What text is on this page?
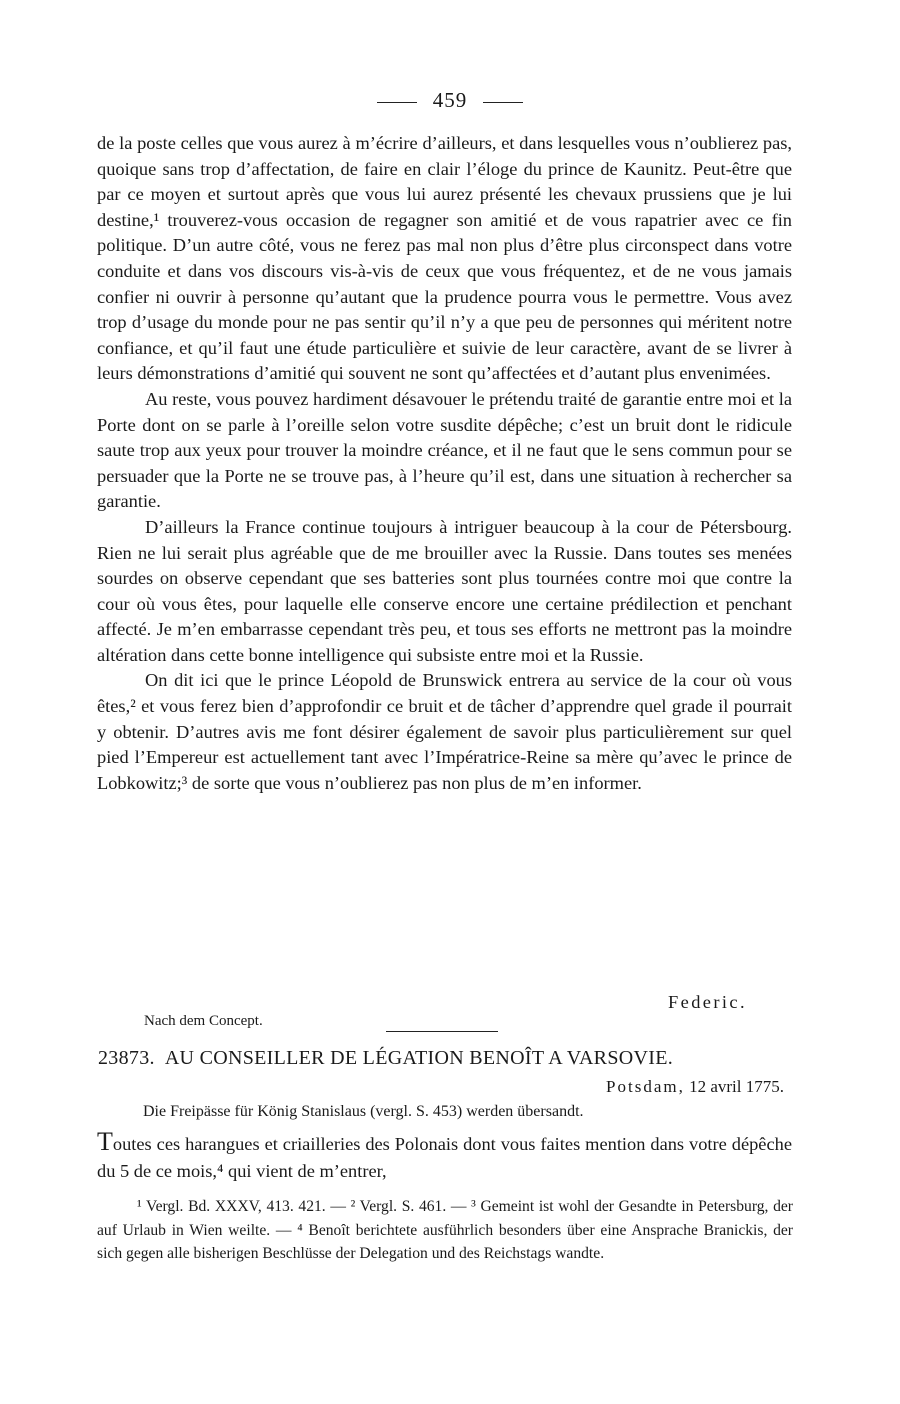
459

de la poste celles que vous aurez à m’écrire d’ailleurs, et dans lesquelles vous n’oublierez pas, quoique sans trop d’affectation, de faire en clair l’éloge du prince de Kaunitz. Peut-être que par ce moyen et surtout après que vous lui aurez présenté les chevaux prussiens que je lui destine,¹ trouverez-vous occasion de regagner son amitié et de vous rapatrier avec ce fin politique. D’un autre côté, vous ne ferez pas mal non plus d’être plus circonspect dans votre conduite et dans vos discours vis-à-vis de ceux que vous fréquentez, et de ne vous jamais confier ni ouvrir à personne qu’autant que la prudence pourra vous le permettre. Vous avez trop d’usage du monde pour ne pas sentir qu’il n’y a que peu de personnes qui méritent notre confiance, et qu’il faut une étude particulière et suivie de leur caractère, avant de se livrer à leurs démonstrations d’amitié qui souvent ne sont qu’affectées et d’autant plus envenimées.

Au reste, vous pouvez hardiment désavouer le prétendu traité de garantie entre moi et la Porte dont on se parle à l’oreille selon votre susdite dépêche; c’est un bruit dont le ridicule saute trop aux yeux pour trouver la moindre créance, et il ne faut que le sens commun pour se persuader que la Porte ne se trouve pas, à l’heure qu’il est, dans une situation à rechercher sa garantie.

D’ailleurs la France continue toujours à intriguer beaucoup à la cour de Pétersbourg. Rien ne lui serait plus agréable que de me brouiller avec la Russie. Dans toutes ses menées sourdes on observe cependant que ses batteries sont plus tournées contre moi que contre la cour où vous êtes, pour laquelle elle conserve encore une certaine prédilection et penchant affecté. Je m’en embarrasse cependant très peu, et tous ses efforts ne mettront pas la moindre altération dans cette bonne intelligence qui subsiste entre moi et la Russie.

On dit ici que le prince Léopold de Brunswick entrera au service de la cour où vous êtes,² et vous ferez bien d’approfondir ce bruit et de tâcher d’apprendre quel grade il pourrait y obtenir. D’autres avis me font désirer également de savoir plus particulièrement sur quel pied l’Empereur est actuellement tant avec l’Impératrice-Reine sa mère qu’avec le prince de Lobkowitz;³ de sorte que vous n’oublierez pas non plus de m’en informer.

Federic.
Nach dem Concept.
23873. AU CONSEILLER DE LÉGATION BENOÎT A VARSOVIE.
Potsdam, 12 avril 1775.
Die Freipässe für König Stanislaus (vergl. S. 453) werden übersandt.
Toutes ces harangues et criailleries des Polonais dont vous faites mention dans votre dépêche du 5 de ce mois,⁴ qui vient de m’entrer,

¹ Vergl. Bd. XXXV, 413. 421. — ² Vergl. S. 461. — ³ Gemeint ist wohl der Gesandte in Petersburg, der auf Urlaub in Wien weilte. — ⁴ Benoît berichtete ausführlich besonders über eine Ansprache Branickis, der sich gegen alle bisherigen Beschlüsse der Delegation und des Reichstags wandte.
